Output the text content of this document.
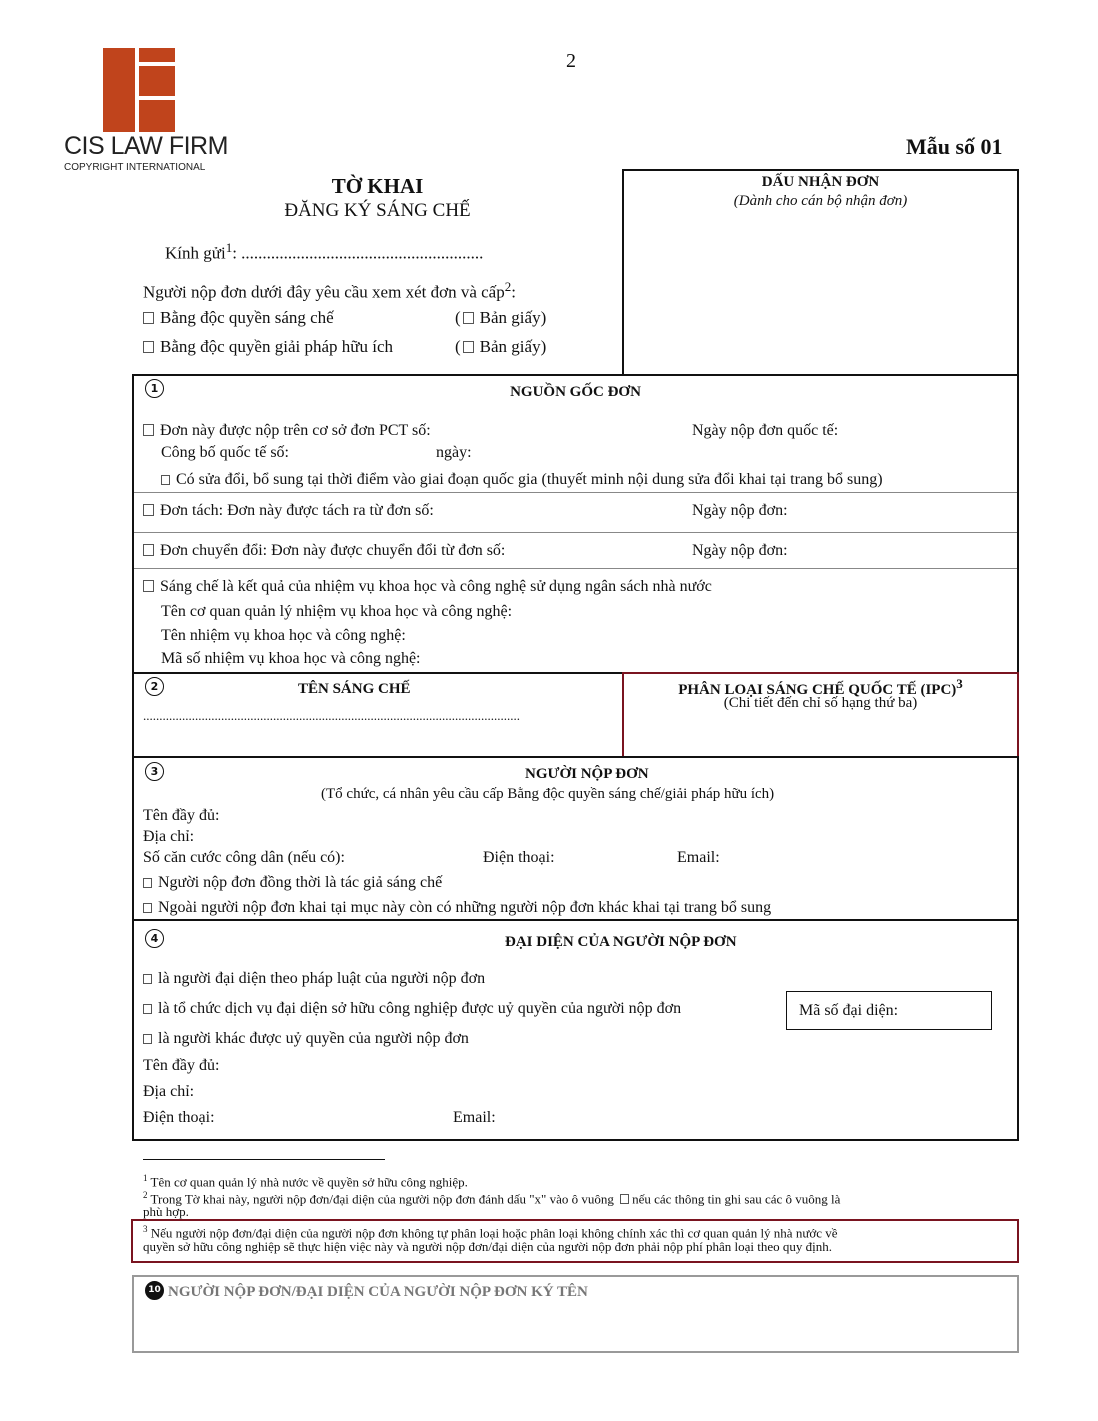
2
CIS LAW FIRM
COPYRIGHT INTERNATIONAL
Mẫu số 01
TỜ KHAI
ĐĂNG KÝ SÁNG CHẾ
Kính gửi$^1$: .........................................................
Người nộp đơn dưới đây yêu cầu xem xét đơn và cấp$^2$:
Bằng độc quyền sáng chế	( Bản giấy)
Bằng độc quyền giải pháp hữu ích	( Bản giấy)
DẤU NHẬN ĐƠN
(Dành cho cán bộ nhận đơn)
1	NGUỒN GỐC ĐƠN
Đơn này được nộp trên cơ sở đơn PCT số:	Ngày nộp đơn quốc tế:
Công bố quốc tế số:	ngày:
Có sửa đổi, bổ sung tại thời điểm vào giai đoạn quốc gia (thuyết minh nội dung sửa đổi khai tại trang bổ sung)
Đơn tách: Đơn này được tách ra từ đơn số:	Ngày nộp đơn:
Đơn chuyển đổi: Đơn này được chuyển đổi từ đơn số:	Ngày nộp đơn:
Sáng chế là kết quả của nhiệm vụ khoa học và công nghệ sử dụng ngân sách nhà nước
Tên cơ quan quản lý nhiệm vụ khoa học và công nghệ:
Tên nhiệm vụ khoa học và công nghệ:
Mã số nhiệm vụ khoa học và công nghệ:
2	TÊN SÁNG CHẾ
....................................................................................................................
PHÂN LOẠI SÁNG CHẾ QUỐC TẾ (IPC)$^3$
(Chi tiết đến chỉ số hạng thứ ba)
3	NGƯỜI NỘP ĐƠN
(Tổ chức, cá nhân yêu cầu cấp Bằng độc quyền sáng chế/giải pháp hữu ích)
Tên đầy đủ:
Địa chỉ:
Số căn cước công dân (nếu có):	Điện thoại:	Email:
Người nộp đơn đồng thời là tác giả sáng chế
Ngoài người nộp đơn khai tại mục này còn có những người nộp đơn khác khai tại trang bổ sung
4	ĐẠI DIỆN CỦA NGƯỜI NỘP ĐƠN
là người đại diện theo pháp luật của người nộp đơn
là tổ chức dịch vụ đại diện sở hữu công nghiệp được uỷ quyền của người nộp đơn	Mã số đại diện:
là người khác được uỷ quyền của người nộp đơn
Tên đầy đủ:
Địa chỉ:
Điện thoại:	Email:
$^1$ Tên cơ quan quản lý nhà nước về quyền sở hữu công nghiệp.
$^2$ Trong Tờ khai này, người nộp đơn/đại diện của người nộp đơn đánh dấu "x" vào ô vuông nếu các thông tin ghi sau các ô vuông là
phù hợp.
$^3$ Nếu người nộp đơn/đại diện của người nộp đơn không tự phân loại hoặc phân loại không chính xác thì cơ quan quản lý nhà nước về
quyền sở hữu công nghiệp sẽ thực hiện việc này và người nộp đơn/đại diện của người nộp đơn phải nộp phí phân loại theo quy định.
10 NGƯỜI NỘP ĐƠN/ĐẠI DIỆN CỦA NGƯỜI NỘP ĐƠN KÝ TÊN
